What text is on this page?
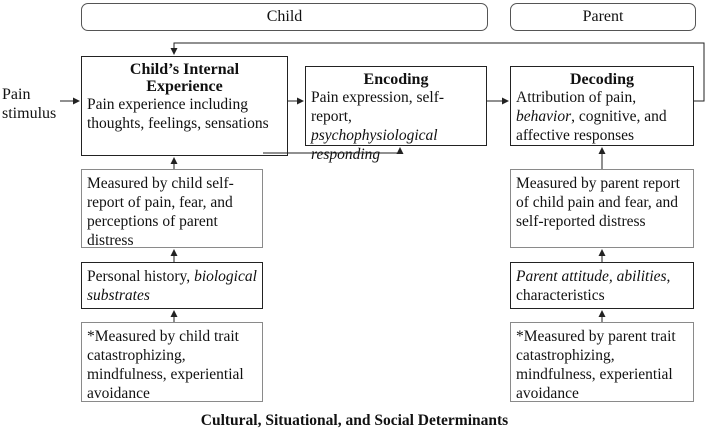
Child	Parent
Pain stimulus
Child’s Internal Experience
Pain experience including thoughts, feelings, sensations
Encoding
Pain expression, self-report, psychophysiological responding
Decoding
Attribution of pain, behavior, cognitive, and affective responses
Measured by child self-report of pain, fear, and perceptions of parent distress
Measured by parent report of child pain and fear, and self-reported distress
Personal history, biological substrates
Parent attitude, abilities, characteristics
*Measured by child trait catastrophizing, mindfulness, experiential avoidance
*Measured by parent trait catastrophizing, mindfulness, experiential avoidance
Cultural, Situational, and Social Determinants
